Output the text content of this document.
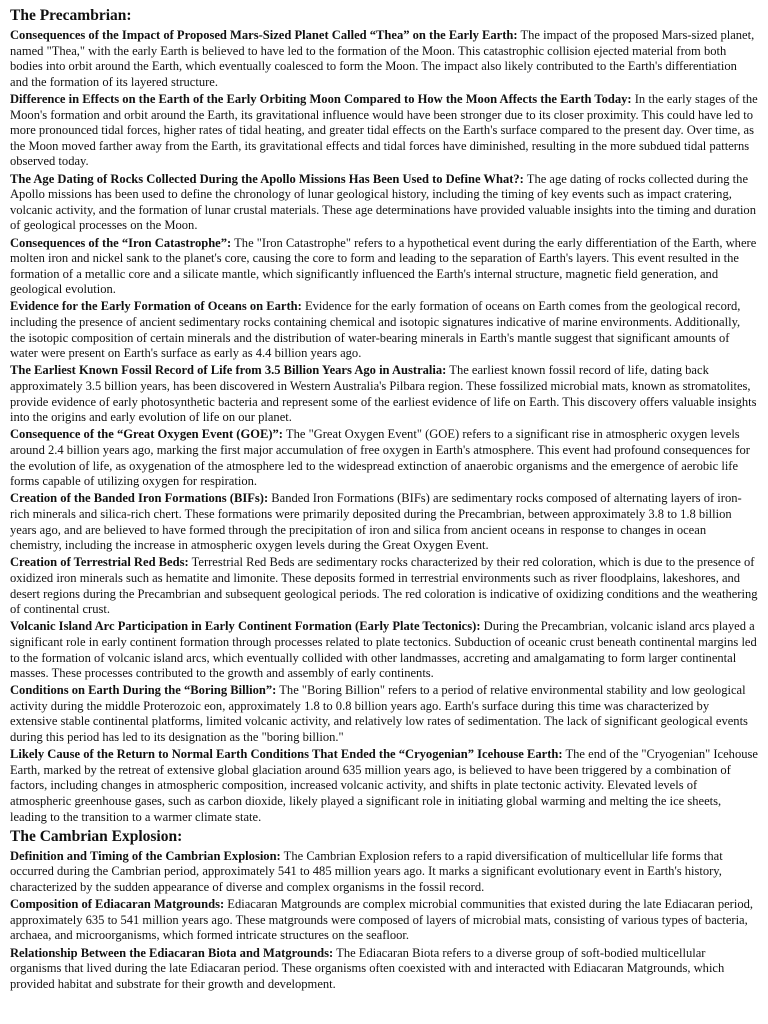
The Precambrian:

Consequences of the Impact of Proposed Mars-Sized Planet Called “Thea” on the Early Earth: The impact of the proposed Mars-sized planet, named "Thea," with the early Earth is believed to have led to the formation of the Moon. This catastrophic collision ejected material from both bodies into orbit around the Earth, which eventually coalesced to form the Moon. The impact also likely contributed to the Earth's differentiation and the formation of its layered structure.

Difference in Effects on the Earth of the Early Orbiting Moon Compared to How the Moon Affects the Earth Today: In the early stages of the Moon's formation and orbit around the Earth, its gravitational influence would have been stronger due to its closer proximity. This could have led to more pronounced tidal forces, higher rates of tidal heating, and greater tidal effects on the Earth's surface compared to the present day. Over time, as the Moon moved farther away from the Earth, its gravitational effects and tidal forces have diminished, resulting in the more subdued tidal patterns observed today.

The Age Dating of Rocks Collected During the Apollo Missions Has Been Used to Define What?: The age dating of rocks collected during the Apollo missions has been used to define the chronology of lunar geological history, including the timing of key events such as impact cratering, volcanic activity, and the formation of lunar crustal materials. These age determinations have provided valuable insights into the timing and duration of geological processes on the Moon.

Consequences of the “Iron Catastrophe”: The "Iron Catastrophe" refers to a hypothetical event during the early differentiation of the Earth, where molten iron and nickel sank to the planet's core, causing the core to form and leading to the separation of Earth's layers. This event resulted in the formation of a metallic core and a silicate mantle, which significantly influenced the Earth's internal structure, magnetic field generation, and geological evolution.

Evidence for the Early Formation of Oceans on Earth: Evidence for the early formation of oceans on Earth comes from the geological record, including the presence of ancient sedimentary rocks containing chemical and isotopic signatures indicative of marine environments. Additionally, the isotopic composition of certain minerals and the distribution of water-bearing minerals in Earth's mantle suggest that significant amounts of water were present on Earth's surface as early as 4.4 billion years ago.

The Earliest Known Fossil Record of Life from 3.5 Billion Years Ago in Australia: The earliest known fossil record of life, dating back approximately 3.5 billion years, has been discovered in Western Australia's Pilbara region. These fossilized microbial mats, known as stromatolites, provide evidence of early photosynthetic bacteria and represent some of the earliest evidence of life on Earth. This discovery offers valuable insights into the origins and early evolution of life on our planet.

Consequence of the “Great Oxygen Event (GOE)”: The "Great Oxygen Event" (GOE) refers to a significant rise in atmospheric oxygen levels around 2.4 billion years ago, marking the first major accumulation of free oxygen in Earth's atmosphere. This event had profound consequences for the evolution of life, as oxygenation of the atmosphere led to the widespread extinction of anaerobic organisms and the emergence of aerobic life forms capable of utilizing oxygen for respiration.

Creation of the Banded Iron Formations (BIFs): Banded Iron Formations (BIFs) are sedimentary rocks composed of alternating layers of iron-rich minerals and silica-rich chert. These formations were primarily deposited during the Precambrian, between approximately 3.8 to 1.8 billion years ago, and are believed to have formed through the precipitation of iron and silica from ancient oceans in response to changes in ocean chemistry, including the increase in atmospheric oxygen levels during the Great Oxygen Event.

Creation of Terrestrial Red Beds: Terrestrial Red Beds are sedimentary rocks characterized by their red coloration, which is due to the presence of oxidized iron minerals such as hematite and limonite. These deposits formed in terrestrial environments such as river floodplains, lakeshores, and desert regions during the Precambrian and subsequent geological periods. The red coloration is indicative of oxidizing conditions and the weathering of continental crust.

Volcanic Island Arc Participation in Early Continent Formation (Early Plate Tectonics): During the Precambrian, volcanic island arcs played a significant role in early continent formation through processes related to plate tectonics. Subduction of oceanic crust beneath continental margins led to the formation of volcanic island arcs, which eventually collided with other landmasses, accreting and amalgamating to form larger continental masses. These processes contributed to the growth and assembly of early continents.

Conditions on Earth During the “Boring Billion”: The "Boring Billion" refers to a period of relative environmental stability and low geological activity during the middle Proterozoic eon, approximately 1.8 to 0.8 billion years ago. Earth's surface during this time was characterized by extensive stable continental platforms, limited volcanic activity, and relatively low rates of sedimentation. The lack of significant geological events during this period has led to its designation as the "boring billion."

Likely Cause of the Return to Normal Earth Conditions That Ended the “Cryogenian” Icehouse Earth: The end of the "Cryogenian" Icehouse Earth, marked by the retreat of extensive global glaciation around 635 million years ago, is believed to have been triggered by a combination of factors, including changes in atmospheric composition, increased volcanic activity, and shifts in plate tectonic activity. Elevated levels of atmospheric greenhouse gases, such as carbon dioxide, likely played a significant role in initiating global warming and melting the ice sheets, leading to the transition to a warmer climate state.

The Cambrian Explosion:

Definition and Timing of the Cambrian Explosion: The Cambrian Explosion refers to a rapid diversification of multicellular life forms that occurred during the Cambrian period, approximately 541 to 485 million years ago. It marks a significant evolutionary event in Earth's history, characterized by the sudden appearance of diverse and complex organisms in the fossil record.

Composition of Ediacaran Matgrounds: Ediacaran Matgrounds are complex microbial communities that existed during the late Ediacaran period, approximately 635 to 541 million years ago. These matgrounds were composed of layers of microbial mats, consisting of various types of bacteria, archaea, and microorganisms, which formed intricate structures on the seafloor.

Relationship Between the Ediacaran Biota and Matgrounds: The Ediacaran Biota refers to a diverse group of soft-bodied multicellular organisms that lived during the late Ediacaran period. These organisms often coexisted with and interacted with Ediacaran Matgrounds, which provided habitat and substrate for their growth and development.
